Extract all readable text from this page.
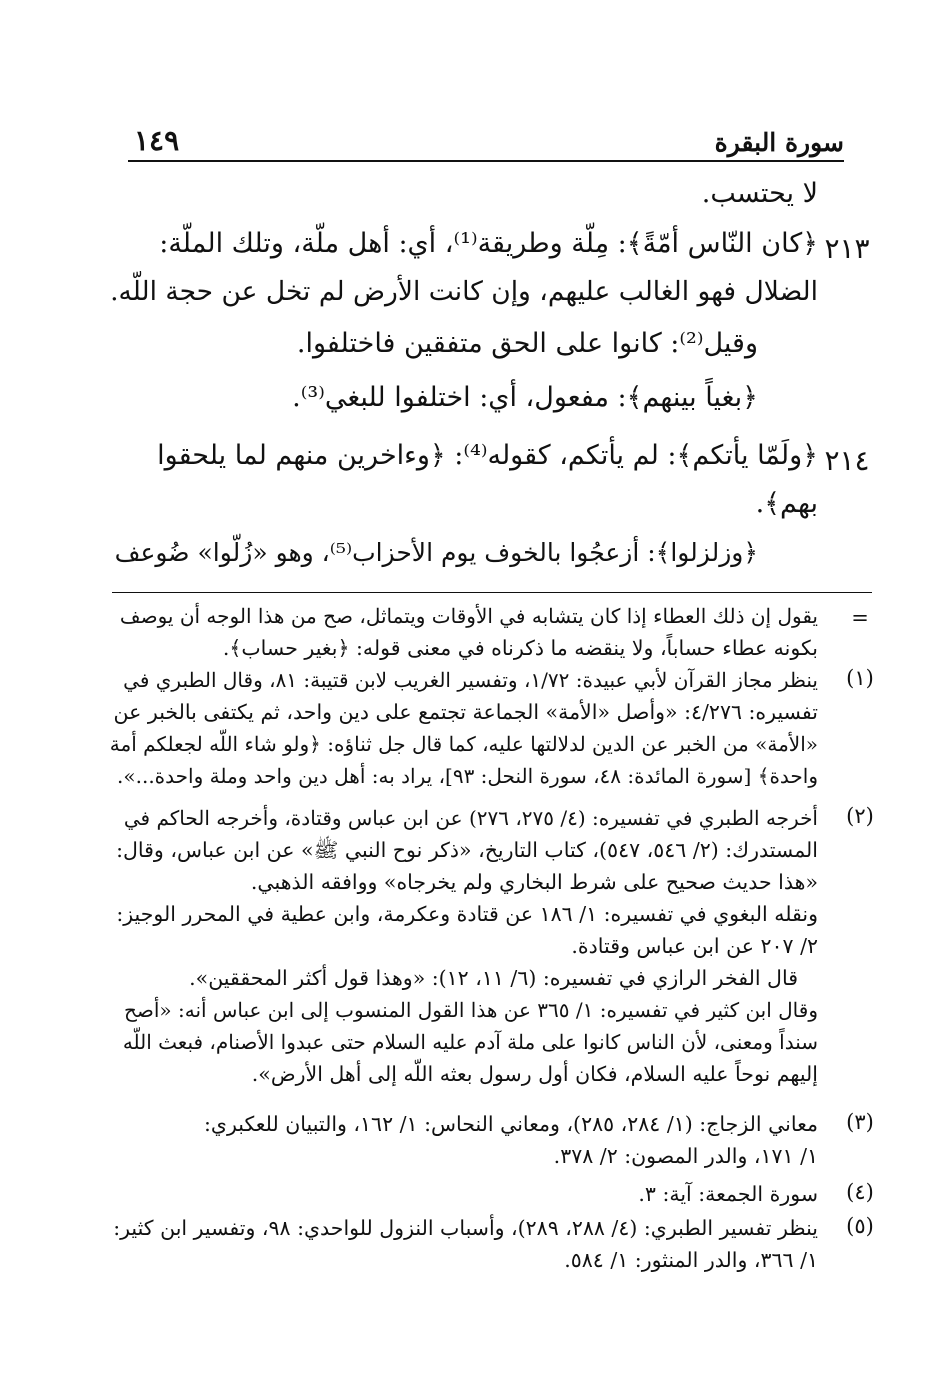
سورة البقرة
١٤٩
لا يحتسب.
٢١٣
﴿كان النّاس أمّةً﴾: مِلّة وطريقة⁽¹⁾، أي: أهل ملّة، وتلك الملّة:
الضلال فهو الغالب عليهم، وإن كانت الأرض لم تخل عن حجة اللّه.
وقيل⁽²⁾: كانوا على الحق متفقين فاختلفوا.
﴿بغياً بينهم﴾: مفعول، أي: اختلفوا للبغي⁽³⁾.
٢١٤
﴿ولَمّا يأتكم﴾: لم يأتكم، كقوله⁽⁴⁾: ﴿وءاخرين منهم لما يلحقوا
بهم﴾.
﴿وزلزلوا﴾: أزعجُوا بالخوف يوم الأحزاب⁽⁵⁾، وهو «زُلّوا» ضُوعف
=
يقول إن ذلك العطاء إذا كان يتشابه في الأوقات ويتماثل، صح من هذا الوجه أن يوصف
بكونه عطاء حساباً، ولا ينقضه ما ذكرناه في معنى قوله: ﴿بغير حساب﴾.
(١)
ينظر مجاز القرآن لأبي عبيدة: ١/٧٢، وتفسير الغريب لابن قتيبة: ٨١، وقال الطبري في
تفسيره: ٤/٢٧٦: «وأصل «الأمة» الجماعة تجتمع على دين واحد، ثم يكتفى بالخبر عن
«الأمة» من الخبر عن الدين لدلالتها عليه، كما قال جل ثناؤه: ﴿ولو شاء اللّه لجعلكم أمة
واحدة﴾ [سورة المائدة: ٤٨، سورة النحل: ٩٣]، يراد به: أهل دين واحد وملة واحدة...».
(٢)
أخرجه الطبري في تفسيره: (٤/ ٢٧٥، ٢٧٦) عن ابن عباس وقتادة، وأخرجه الحاكم في
المستدرك: (٢/ ٥٤٦، ٥٤٧)، كتاب التاريخ، «ذكر نوح النبي ﷺ» عن ابن عباس، وقال:
«هذا حديث صحيح على شرط البخاري ولم يخرجاه» ووافقه الذهبي.
ونقله البغوي في تفسيره: ١/ ١٨٦ عن قتادة وعكرمة، وابن عطية في المحرر الوجيز:
٢/ ٢٠٧ عن ابن عباس وقتادة.
قال الفخر الرازي في تفسيره: (٦/ ١١، ١٢): «وهذا قول أكثر المحققين».
وقال ابن كثير في تفسيره: ١/ ٣٦٥ عن هذا القول المنسوب إلى ابن عباس أنه: «أصح
سنداً ومعنى، لأن الناس كانوا على ملة آدم عليه السلام حتى عبدوا الأصنام، فبعث اللّه
إليهم نوحاً عليه السلام، فكان أول رسول بعثه اللّه إلى أهل الأرض».
(٣)
معاني الزجاج: (١/ ٢٨٤، ٢٨٥)، ومعاني النحاس: ١/ ١٦٢، والتبيان للعكبري:
١/ ١٧١، والدر المصون: ٢/ ٣٧٨.
(٤)
سورة الجمعة: آية: ٣.
(٥)
ينظر تفسير الطبري: (٤/ ٢٨٨، ٢٨٩)، وأسباب النزول للواحدي: ٩٨، وتفسير ابن كثير:
١/ ٣٦٦، والدر المنثور: ١/ ٥٨٤.
